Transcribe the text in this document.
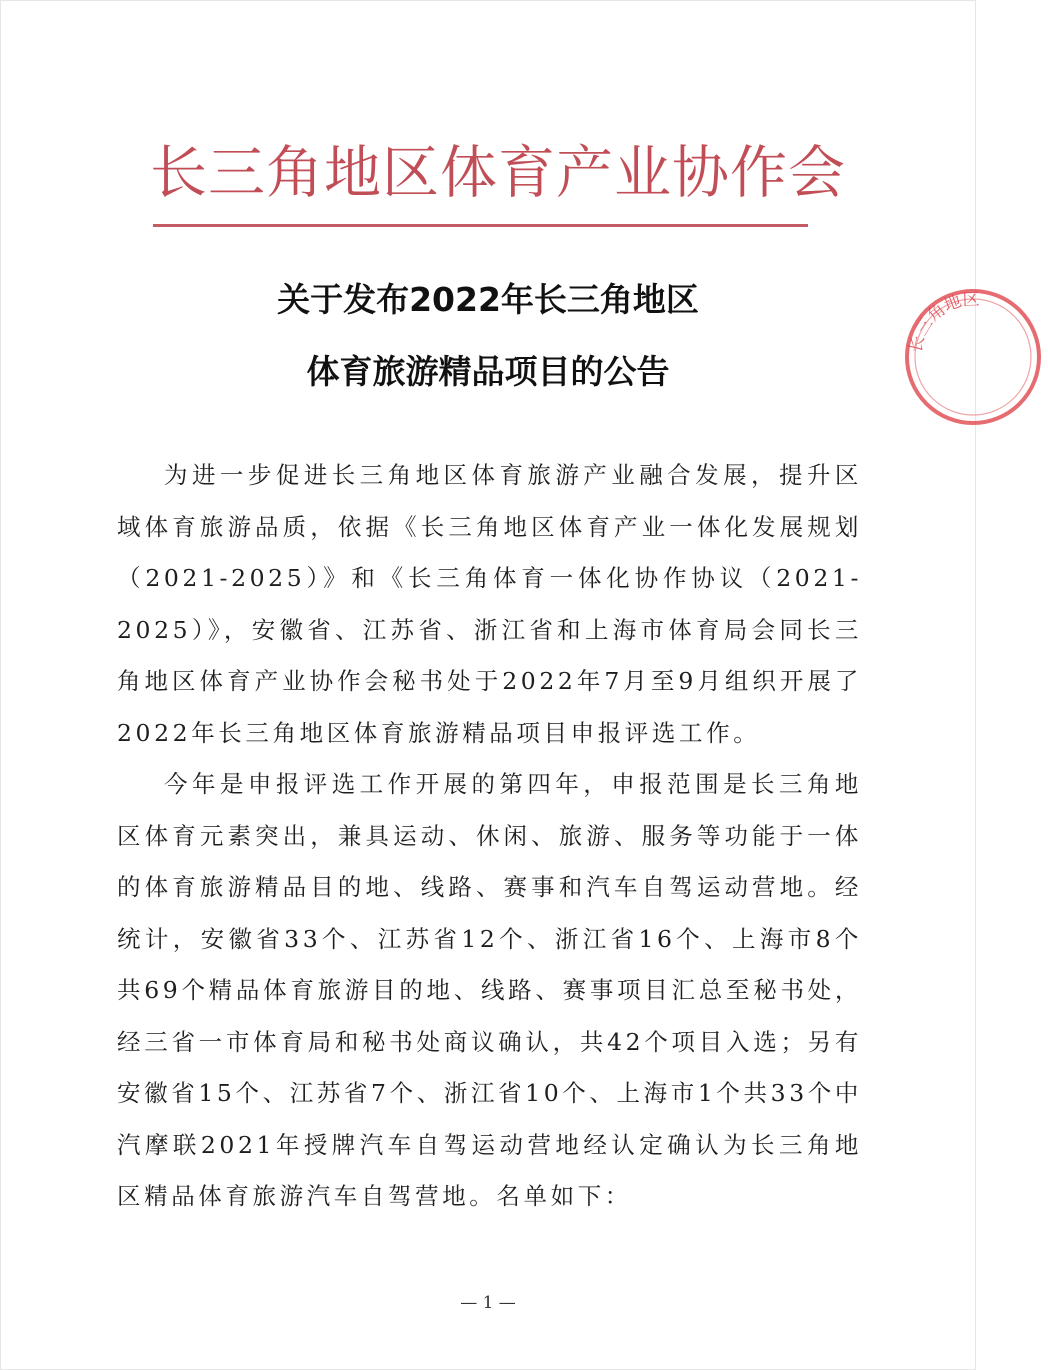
长三角地区体育产业协作会
关于发布2022年长三角地区
体育旅游精品项目的公告

为进一步促进长三角地区体育旅游产业融合发展，提升区域体育旅游品质，依据《长三角地区体育产业一体化发展规划（2021-2025）》和《长三角体育一体化协作协议（2021-2025）》，安徽省、江苏省、浙江省和上海市体育局会同长三角地区体育产业协作会秘书处于2022年7月至9月组织开展了2022年长三角地区体育旅游精品项目申报评选工作。

今年是申报评选工作开展的第四年，申报范围是长三角地区体育元素突出，兼具运动、休闲、旅游、服务等功能于一体的体育旅游精品目的地、线路、赛事和汽车自驾运动营地。经统计，安徽省33个、江苏省12个、浙江省16个、上海市8个共69个精品体育旅游目的地、线路、赛事项目汇总至秘书处，经三省一市体育局和秘书处商议确认，共42个项目入选；另有安徽省15个、江苏省7个、浙江省10个、上海市1个共33个中汽摩联2021年授牌汽车自驾运动营地经认定确认为长三角地区精品体育旅游汽车自驾营地。名单如下：

— 1 —
长三角地区
